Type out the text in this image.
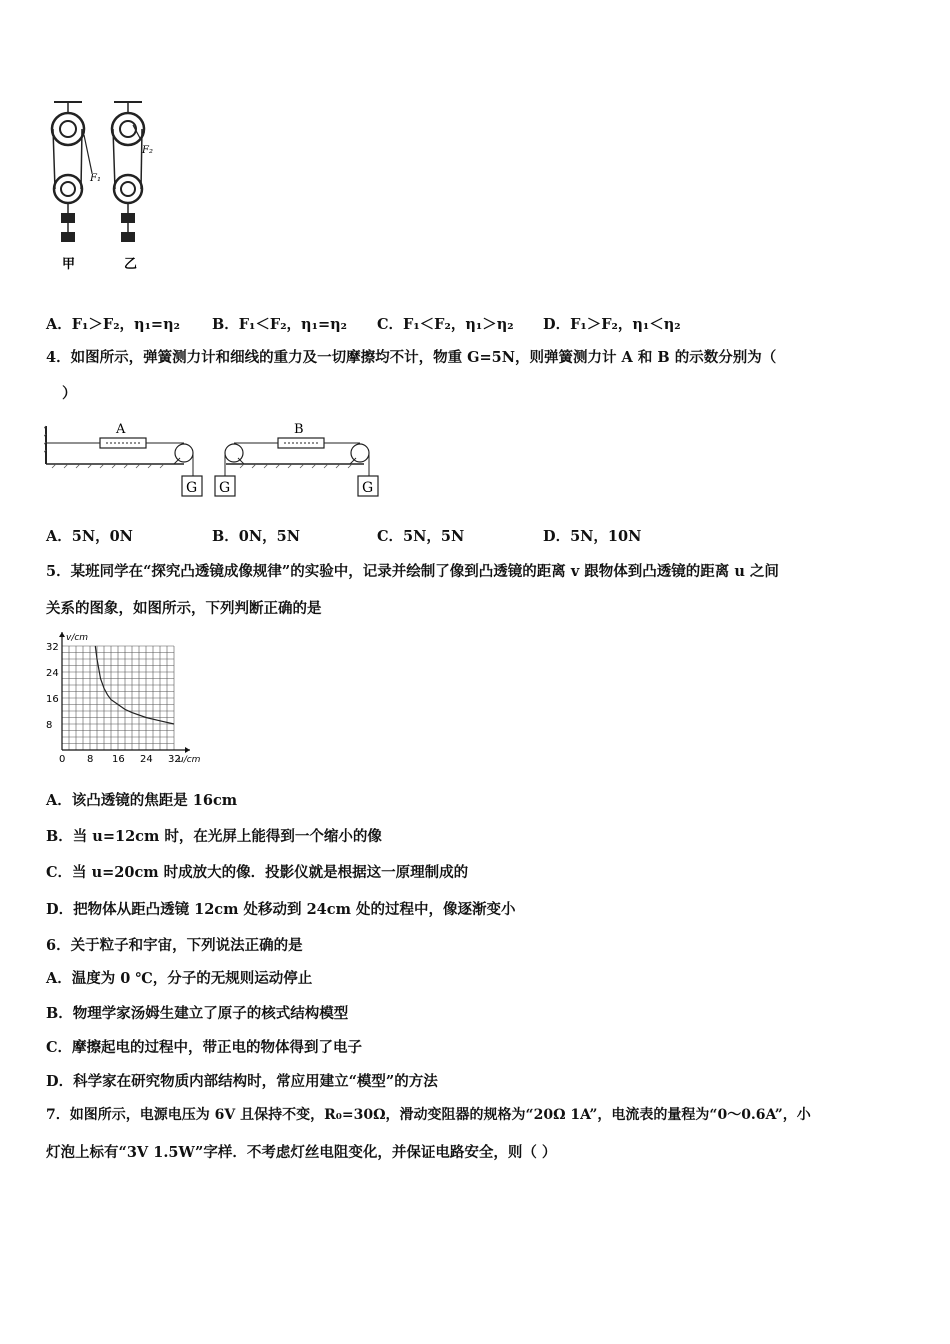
F₁
甲
F₂
乙
A．F₁＞F₂，η₁=η₂ B．F₁＜F₂，η₁=η₂ C．F₁＜F₂，η₁＞η₂ D．F₁＞F₂，η₁＜η₂
4．如图所示，弹簧测力计和细线的重力及一切摩擦均不计，物重 G=5N，则弹簧测力计 A 和 B 的示数分别为（
）
A
G G
B
G
A．5N，0N	B．0N，5N	C．5N，5N	D．5N，10N
5．某班同学在“探究凸透镜成像规律”的实验中，记录并绘制了像到凸透镜的距离 v 跟物体到凸透镜的距离 u 之间
关系的图象，如图所示，下列判断正确的是
0 8 16 24 32
8
16
24
32
v/cm
u/cm
A．该凸透镜的焦距是 16cm
B．当 u=12cm 时，在光屏上能得到一个缩小的像
C．当 u=20cm 时成放大的像．投影仪就是根据这一原理制成的
D．把物体从距凸透镜 12cm 处移动到 24cm 处的过程中，像逐渐变小
6．关于粒子和宇宙，下列说法正确的是
A．温度为 0 ℃，分子的无规则运动停止
B．物理学家汤姆生建立了原子的核式结构模型
C．摩擦起电的过程中，带正电的物体得到了电子
D．科学家在研究物质内部结构时，常应用建立“模型”的方法
7．如图所示，电源电压为 6V 且保持不变，R₀=30Ω，滑动变阻器的规格为“20Ω 1A”，电流表的量程为“0～0.6A”，小
灯泡上标有“3V 1.5W”字样．不考虑灯丝电阻变化，并保证电路安全，则（ ）
